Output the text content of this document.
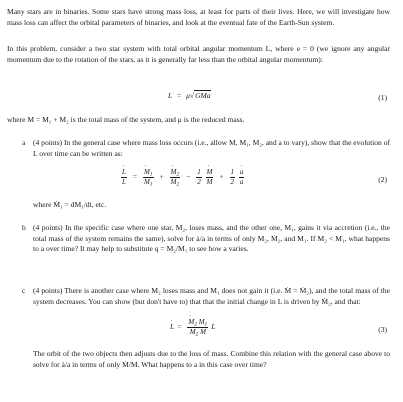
Many stars are in binaries. Some stars have strong mass loss, at least for parts of their lives. Here, we will investigate how mass loss can affect the orbital parameters of binaries, and look at the eventual fate of the Earth-Sun system.

In this problem, consider a two star system with total orbital angular momentum L, where e = 0 (we ignore any angular momentum due to the rotation of the stars, as it is generally far less than the orbital angular momentum):

L = μ√GMa	(1)

where M = M₁ + M₂ is the total mass of the system, and μ is the reduced mass.

a (4 points) In the general case where mass loss occurs (i.e., allow M, M₁, M₂, and a to vary), show that the evolution of L over time can be written as:

˙ $\frac{L}{L}$ = ˙ $\frac{M_1}{M_1}$ + ˙ $\frac{M_2}{M_2} - \frac{1}{2}$
˙ $\frac{M}{M} + \frac{1}{2}$
˙ $\frac{a}{a}$	(2)

where Ṁ₁ = dM₁/dt, etc.

b (4 points) In the specific case where one star, M₂, loses mass, and the other one, M₁, gains it via accretion (i.e., the total mass of the system remains the same), solve for ȧ/a in terms of only M₂, Ṁ₂, and M₁. If M₂ < M₁, what happens to a over time? It may help to substitute q = M₂/M₁ to see how a varies.

c (4 points) There is another case where M₂ loses mass and M₁ does not gain it (i.e. Ṁ = Ṁ₂), and the total mass of the system decreases. You can show (but don't have to) that that the initial change in L is driven by Ṁ₂, and that:

˙ L = ˙ $\frac{M_2 M_1}{M_2 M}$ L	(3)

The orbit of the two objects then adjusts due to the loss of mass. Combine this relation with the general case above to solve for ȧ/a in terms of only Ṁ/M. What happens to a in this case over time?
